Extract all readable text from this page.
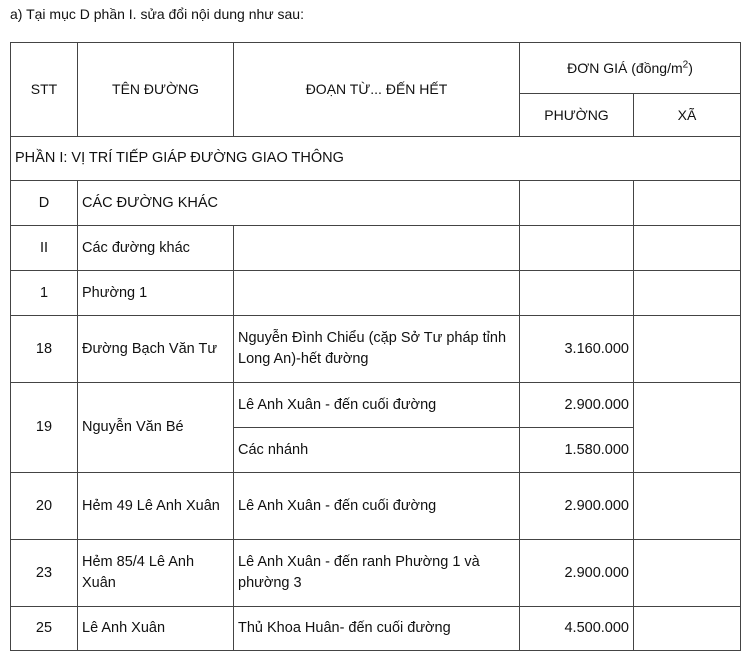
a) Tại mục D phần I. sửa đổi nội dung như sau:
STT	TÊN ĐƯỜNG	ĐOẠN TỪ... ĐẾN HẾT	ĐƠN GIÁ $(đồng/m^2)$	
			PHƯỜNG	XÃ
PHẦN I: VỊ TRÍ TIẾP GIÁP ĐƯỜNG GIAO THÔNG				
D	CÁC ĐƯỜNG KHÁC			
II	Các đường khác			
1	Phường 1			
18	Đường Bạch Văn Tư	Nguyễn Đình Chiểu (cặp Sở Tư pháp tỉnh Long An)-hết đường	3.160.000	
19	Nguyễn Văn Bé	Lê Anh Xuân - đến cuối đường	2.900.000	
		Các nhánh	1.580.000	
20	Hẻm 49 Lê Anh Xuân	Lê Anh Xuân - đến cuối đường	2.900.000	
23	Hẻm 85/4 Lê Anh Xuân	Lê Anh Xuân - đến ranh Phường 1 và phường 3	2.900.000	
25	Lê Anh Xuân	Thủ Khoa Huân- đến cuối đường	4.500.000	
